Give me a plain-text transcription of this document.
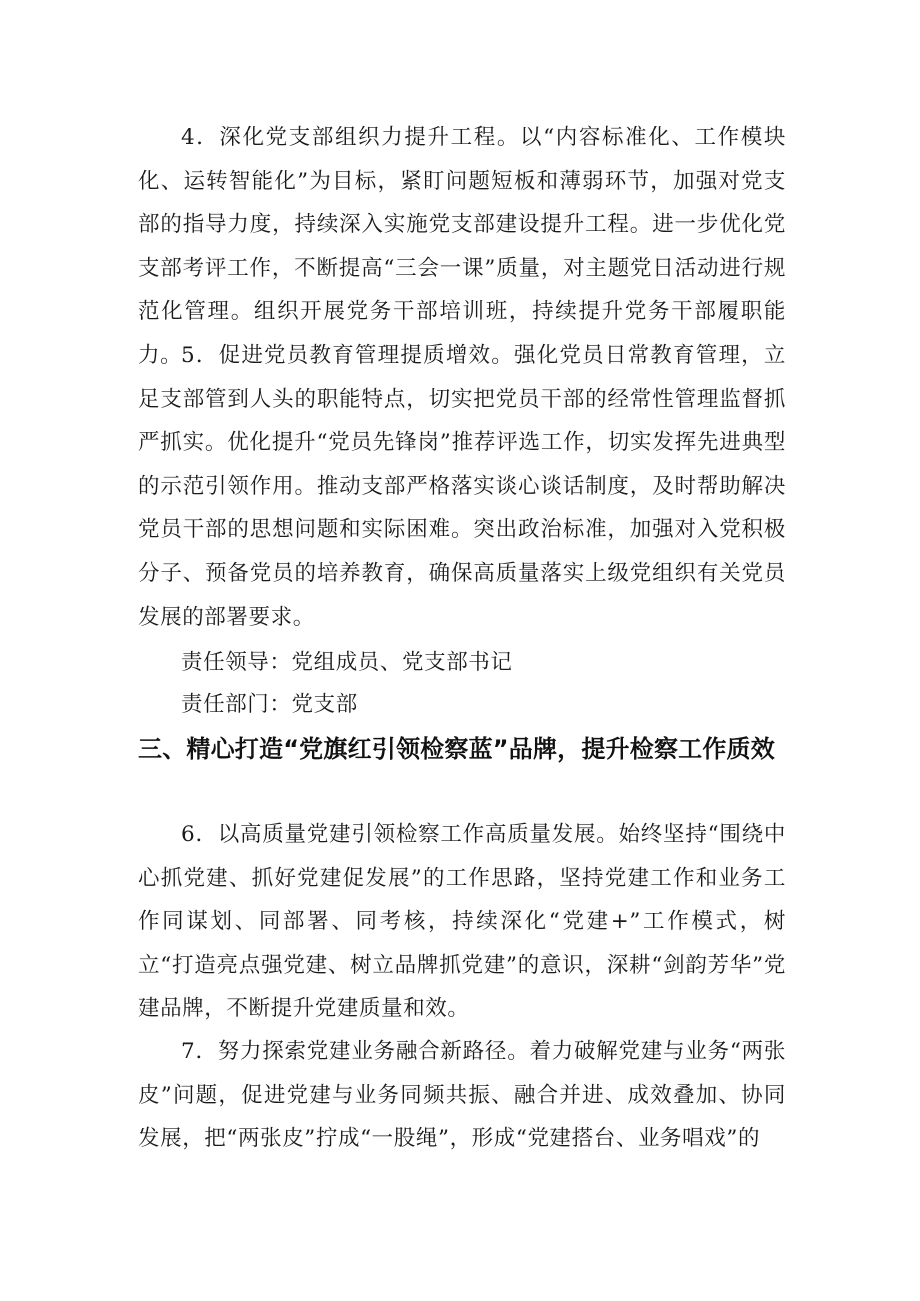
4．深化党支部组织力提升工程。以“内容标准化、工作模块化、运转智能化”为目标，紧盯问题短板和薄弱环节，加强对党支部的指导力度，持续深入实施党支部建设提升工程。进一步优化党支部考评工作，不断提高“三会一课”质量，对主题党日活动进行规范化管理。组织开展党务干部培训班，持续提升党务干部履职能力。

5．促进党员教育管理提质增效。强化党员日常教育管理，立足支部管到人头的职能特点，切实把党员干部的经常性管理监督抓严抓实。优化提升“党员先锋岗”推荐评选工作，切实发挥先进典型的示范引领作用。推动支部严格落实谈心谈话制度，及时帮助解决党员干部的思想问题和实际困难。突出政治标准，加强对入党积极分子、预备党员的培养教育，确保高质量落实上级党组织有关党员发展的部署要求。

责任领导：党组成员、党支部书记

责任部门：党支部

三、精心打造“党旗红引领检察蓝”品牌，提升检察工作质效

6．以高质量党建引领检察工作高质量发展。始终坚持“围绕中心抓党建、抓好党建促发展”的工作思路，坚持党建工作和业务工作同谋划、同部署、同考核，持续深化“党建+”工作模式，树立“打造亮点强党建、树立品牌抓党建”的意识，深耕“剑韵芳华”党建品牌，不断提升党建质量和效。

7．努力探索党建业务融合新路径。着力破解党建与业务“两张皮”问题，促进党建与业务同频共振、融合并进、成效叠加、协同发展，把“两张皮”拧成“一股绳”，形成“党建搭台、业务唱戏”的
